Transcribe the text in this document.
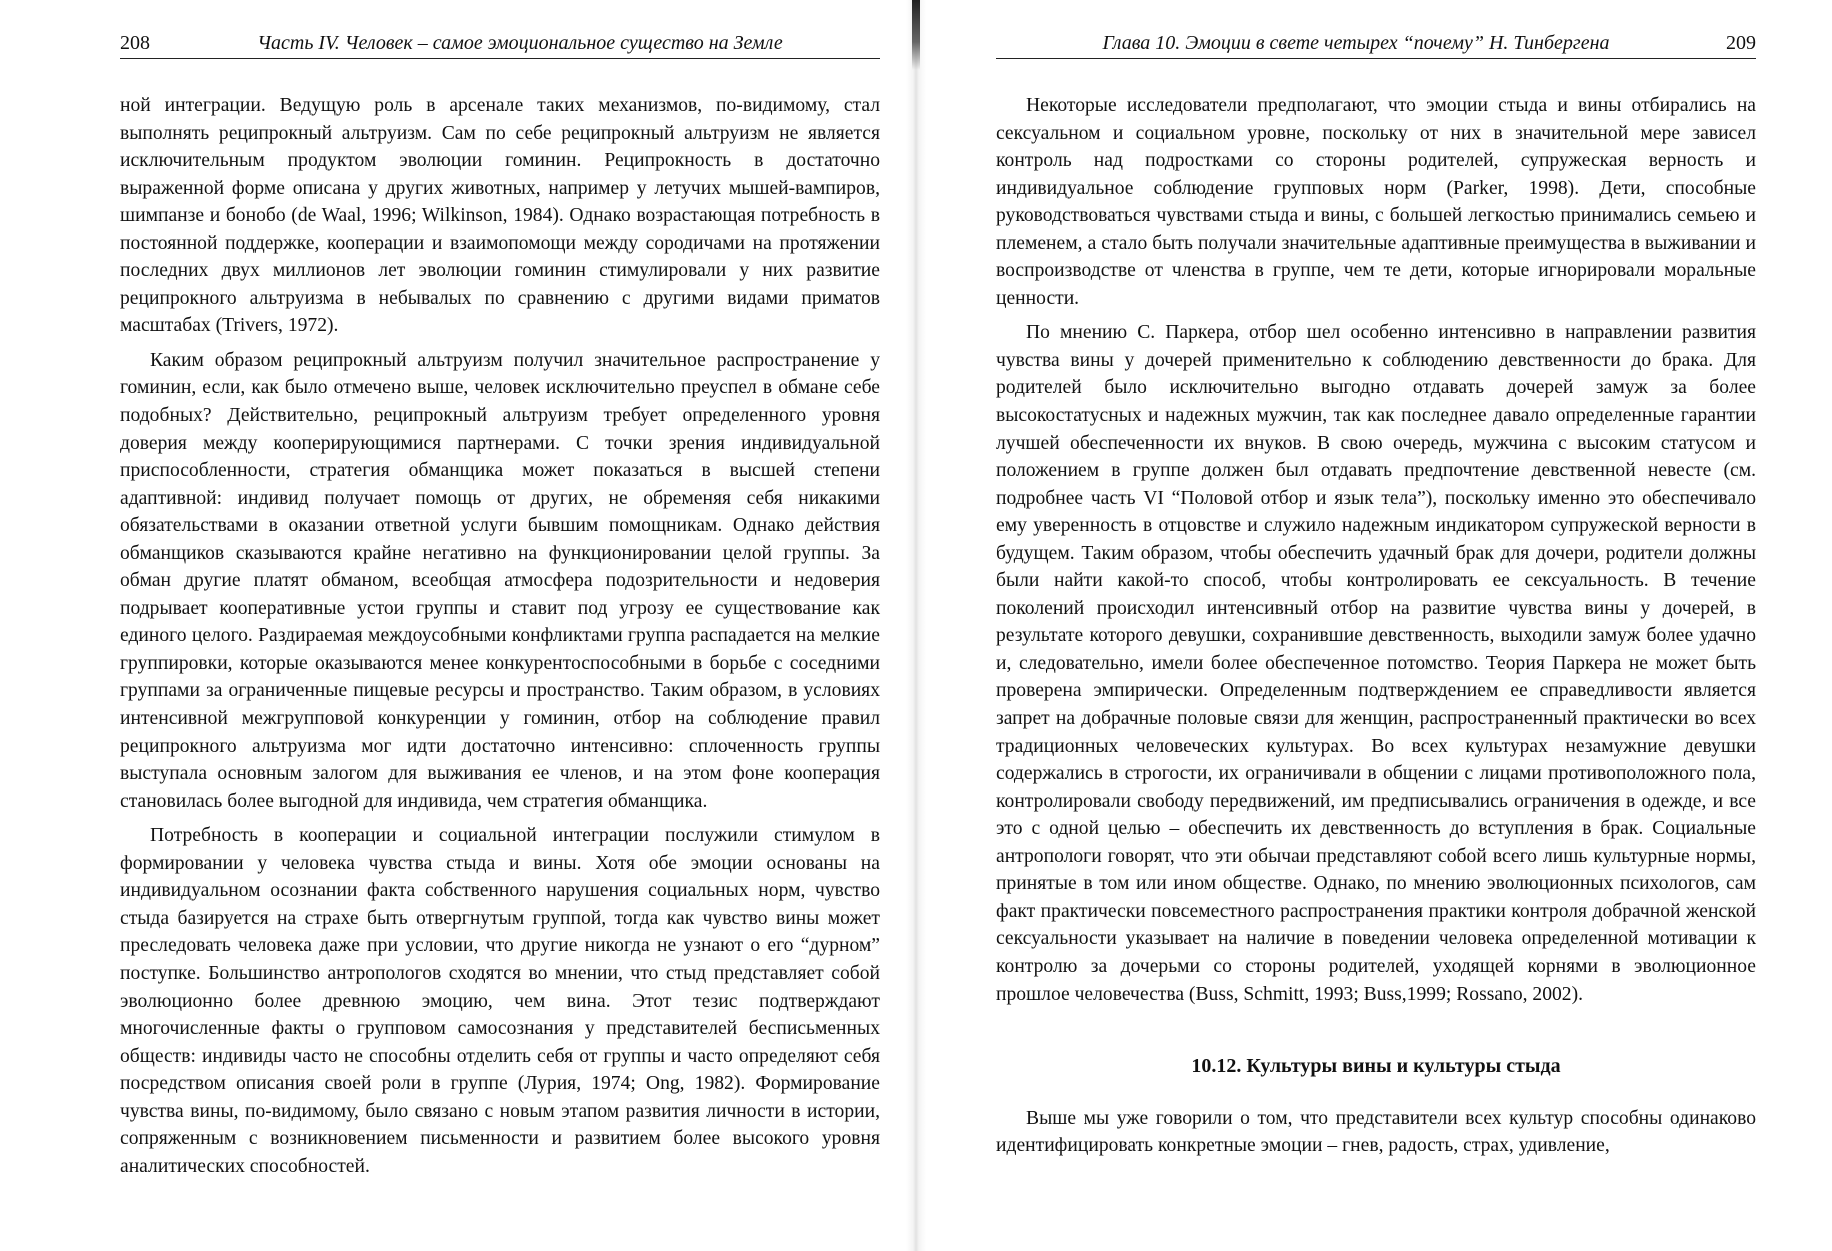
208	Часть IV. Человек – самое эмоциональное существо на Земле

ной интеграции. Ведущую роль в арсенале таких механизмов, по-видимому, стал выполнять реципрокный альтруизм. Сам по себе реципрокный альтруизм не является исключительным продуктом эволюции гоминин. Реципрокность в достаточно выраженной форме описана у других животных, например у летучих мышей-вампиров, шимпанзе и бонобо (de Waal, 1996; Wilkinson, 1984). Однако возрастающая потребность в постоянной поддержке, кооперации и взаимопомощи между сородичами на протяжении последних двух миллионов лет эволюции гоминин стимулировали у них развитие реципрокного альтруизма в небывалых по сравнению с другими видами приматов масштабах (Trivers, 1972).

Каким образом реципрокный альтруизм получил значительное распространение у гоминин, если, как было отмечено выше, человек исключительно преуспел в обмане себе подобных? Действительно, реципрокный альтруизм требует определенного уровня доверия между кооперирующимися партнерами. С точки зрения индивидуальной приспособленности, стратегия обманщика может показаться в высшей степени адаптивной: индивид получает помощь от других, не обременяя себя никакими обязательствами в оказании ответной услуги бывшим помощникам. Однако действия обманщиков сказываются крайне негативно на функционировании целой группы. За обман другие платят обманом, всеобщая атмосфера подозрительности и недоверия подрывает кооперативные устои группы и ставит под угрозу ее существование как единого целого. Раздираемая междоусобными конфликтами группа распадается на мелкие группировки, которые оказываются менее конкурентоспособными в борьбе с соседними группами за ограниченные пищевые ресурсы и пространство. Таким образом, в условиях интенсивной межгрупповой конкуренции у гоминин, отбор на соблюдение правил реципрокного альтруизма мог идти достаточно интенсивно: сплоченность группы выступала основным залогом для выживания ее членов, и на этом фоне кооперация становилась более выгодной для индивида, чем стратегия обманщика.

Потребность в кооперации и социальной интеграции послужили стимулом в формировании у человека чувства стыда и вины. Хотя обе эмоции основаны на индивидуальном осознании факта собственного нарушения социальных норм, чувство стыда базируется на страхе быть отвергнутым группой, тогда как чувство вины может преследовать человека даже при условии, что другие никогда не узнают о его “дурном” поступке. Большинство антропологов сходятся во мнении, что стыд представляет собой эволюционно более древнюю эмоцию, чем вина. Этот тезис подтверждают многочисленные факты о групповом самосознания у представителей бесписьменных обществ: индивиды часто не способны отделить себя от группы и часто определяют себя посредством описания своей роли в группе (Лурия, 1974; Ong, 1982). Формирование чувства вины, по-видимому, было связано с новым этапом развития личности в истории, сопряженным с возникновением письменности и развитием более высокого уровня аналитических способностей.

Глава 10. Эмоции в свете четырех “почему” Н. Тинбергена	209

Некоторые исследователи предполагают, что эмоции стыда и вины отбирались на сексуальном и социальном уровне, поскольку от них в значительной мере зависел контроль над подростками со стороны родителей, супружеская верность и индивидуальное соблюдение групповых норм (Parker, 1998). Дети, способные руководствоваться чувствами стыда и вины, с большей легкостью принимались семьею и племенем, а стало быть получали значительные адаптивные преимущества в выживании и воспроизводстве от членства в группе, чем те дети, которые игнорировали моральные ценности.

По мнению С. Паркера, отбор шел особенно интенсивно в направлении развития чувства вины у дочерей применительно к соблюдению девственности до брака. Для родителей было исключительно выгодно отдавать дочерей замуж за более высокостатусных и надежных мужчин, так как последнее давало определенные гарантии лучшей обеспеченности их внуков. В свою очередь, мужчина с высоким статусом и положением в группе должен был отдавать предпочтение девственной невесте (см. подробнее часть VI “Половой отбор и язык тела”), поскольку именно это обеспечивало ему уверенность в отцовстве и служило надежным индикатором супружеской верности в будущем. Таким образом, чтобы обеспечить удачный брак для дочери, родители должны были найти какой-то способ, чтобы контролировать ее сексуальность. В течение поколений происходил интенсивный отбор на развитие чувства вины у дочерей, в результате которого девушки, сохранившие девственность, выходили замуж более удачно и, следовательно, имели более обеспеченное потомство. Теория Паркера не может быть проверена эмпирически. Определенным подтверждением ее справедливости является запрет на добрачные половые связи для женщин, распространенный практически во всех традиционных человеческих культурах. Во всех культурах незамужние девушки содержались в строгости, их ограничивали в общении с лицами противоположного пола, контролировали свободу передвижений, им предписывались ограничения в одежде, и все это с одной целью – обеспечить их девственность до вступления в брак. Социальные антропологи говорят, что эти обычаи представляют собой всего лишь культурные нормы, принятые в том или ином обществе. Однако, по мнению эволюционных психологов, сам факт практически повсеместного распространения практики контроля добрачной женской сексуальности указывает на наличие в поведении человека определенной мотивации к контролю за дочерьми со стороны родителей, уходящей корнями в эволюционное прошлое человечества (Buss, Schmitt, 1993; Buss,1999; Rossano, 2002).

10.12. Культуры вины и культуры стыда

Выше мы уже говорили о том, что представители всех культур способны одинаково идентифицировать конкретные эмоции – гнев, радость, страх, удивление,
